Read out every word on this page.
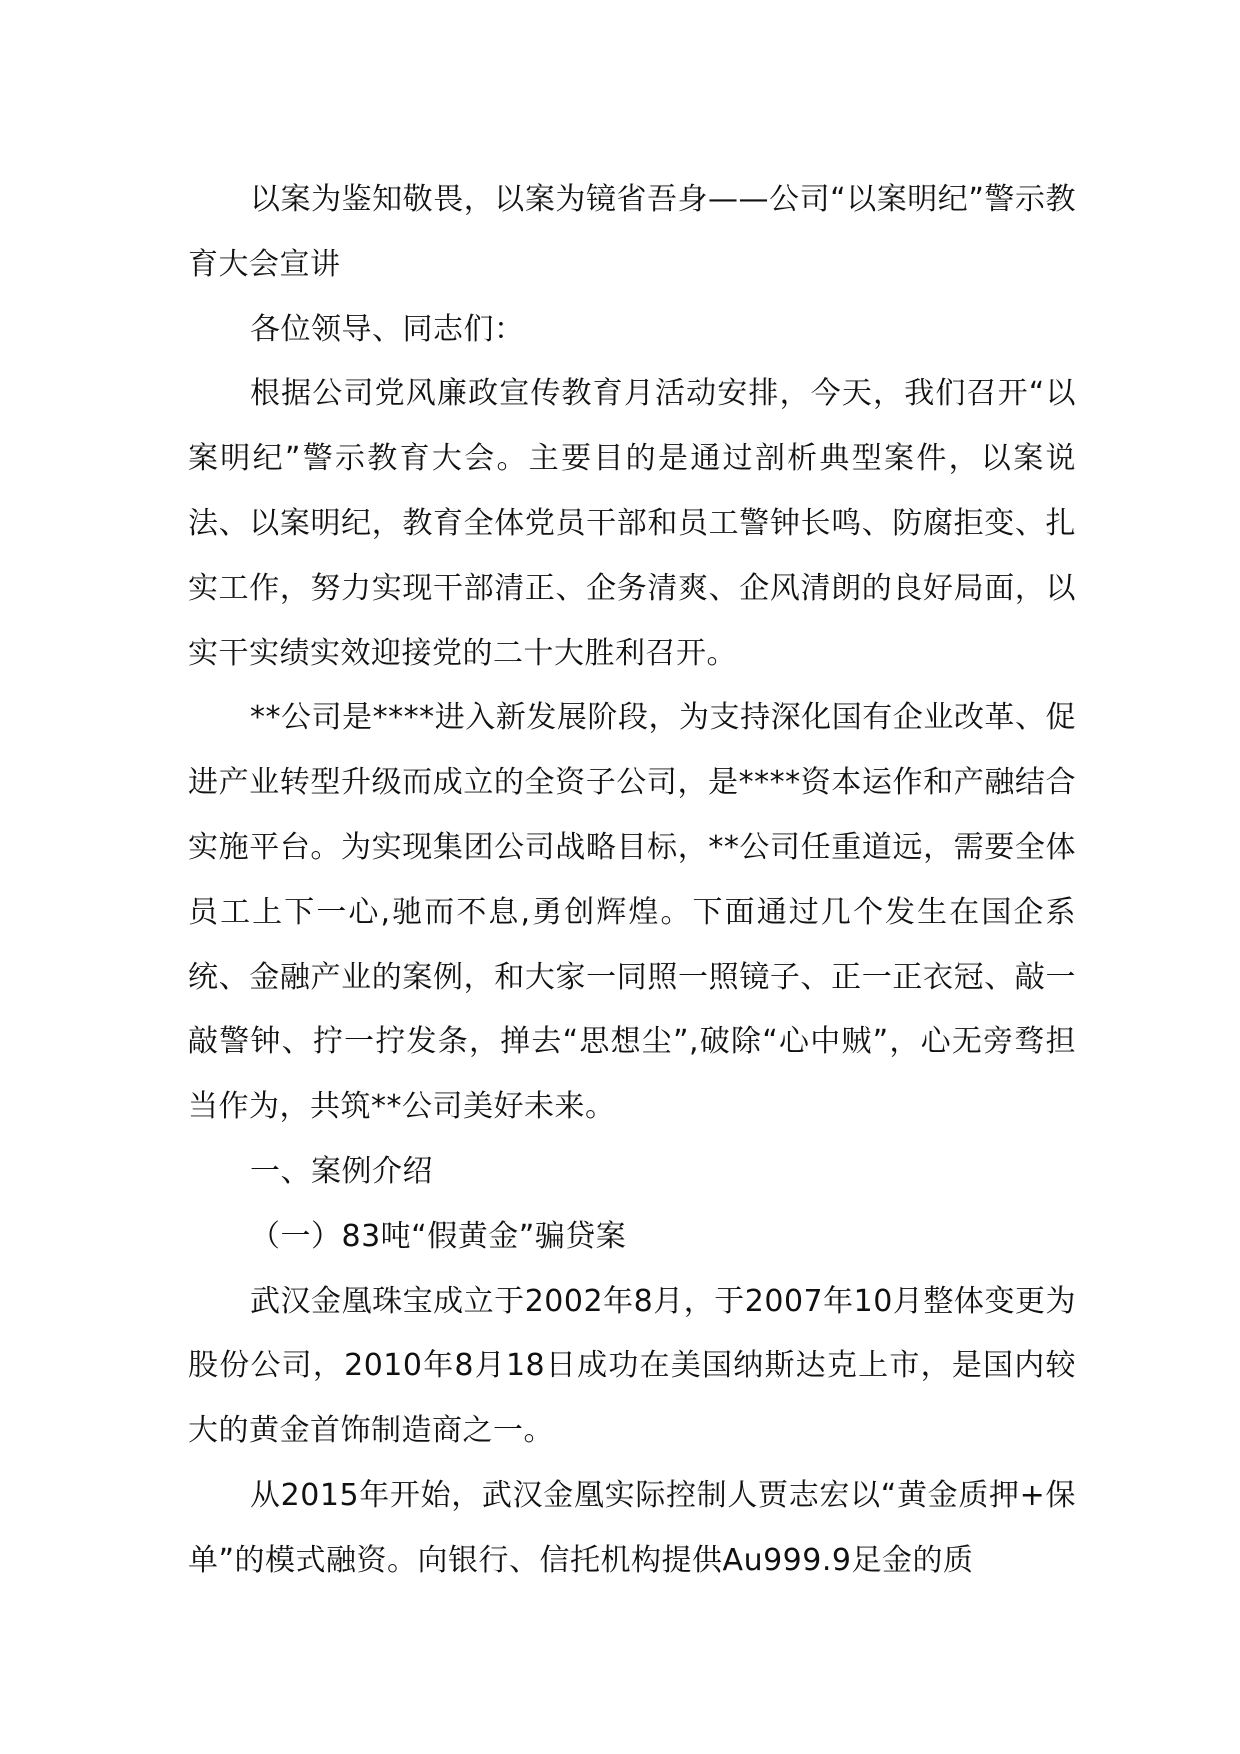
以案为鉴知敬畏，以案为镜省吾身——公司“以案明纪”警示教育大会宣讲

各位领导、同志们：

根据公司党风廉政宣传教育月活动安排，今天，我们召开“以案明纪”警示教育大会。主要目的是通过剖析典型案件，以案说法、以案明纪，教育全体党员干部和员工警钟长鸣、防腐拒变、扎实工作，努力实现干部清正、企务清爽、企风清朗的良好局面，以实干实绩实效迎接党的二十大胜利召开。

**公司是****进入新发展阶段，为支持深化国有企业改革、促进产业转型升级而成立的全资子公司，是****资本运作和产融结合实施平台。为实现集团公司战略目标，**公司任重道远，需要全体员工上下一心,驰而不息,勇创辉煌。下面通过几个发生在国企系统、金融产业的案例，和大家一同照一照镜子、正一正衣冠、敲一敲警钟、拧一拧发条，掸去“思想尘”,破除“心中贼”，心无旁骛担当作为，共筑**公司美好未来。

一、案例介绍

（一）83吨“假黄金”骗贷案

武汉金凰珠宝成立于2002年8月，于2007年10月整体变更为股份公司，2010年8月18日成功在美国纳斯达克上市，是国内较大的黄金首饰制造商之一。

从2015年开始，武汉金凰实际控制人贾志宏以“黄金质押+保单”的模式融资。向银行、信托机构提供Au999.9足金的质
